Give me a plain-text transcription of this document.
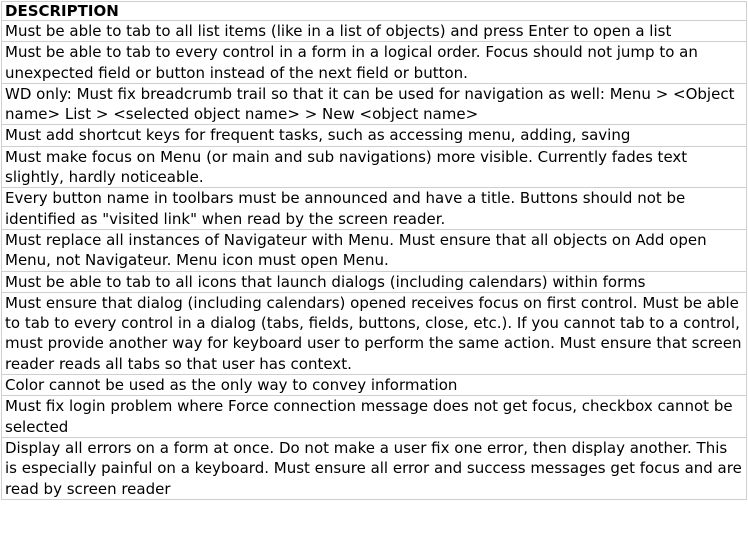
DESCRIPTION
Must be able to tab to all list items (like in a list of objects) and press Enter to open a list
Must be able to tab to every control in a form in a logical order. Focus should not jump to an unexpected field or button instead of the next field or button.
WD only: Must fix breadcrumb trail so that it can be used for navigation as well: Menu > <Object name> List > <selected object name> > New <object name>
Must add shortcut keys for frequent tasks, such as accessing menu, adding, saving
Must make focus on Menu (or main and sub navigations) more visible. Currently fades text slightly, hardly noticeable.
Every button name in toolbars must be announced and have a title. Buttons should not be identified as "visited link" when read by the screen reader.
Must replace all instances of Navigateur with Menu. Must ensure that all objects on Add open Menu, not Navigateur. Menu icon must open Menu.
Must be able to tab to all icons that launch dialogs (including calendars) within forms
Must ensure that dialog (including calendars) opened receives focus on first control. Must be able to tab to every control in a dialog (tabs, fields, buttons, close, etc.). If you cannot tab to a control, must provide another way for keyboard user to perform the same action. Must ensure that screen reader reads all tabs so that user has context.
Color cannot be used as the only way to convey information
Must fix login problem where Force connection message does not get focus, checkbox cannot be selected
Display all errors on a form at once. Do not make a user fix one error, then display another. This is especially painful on a keyboard. Must ensure all error and success messages get focus and are read by screen reader
